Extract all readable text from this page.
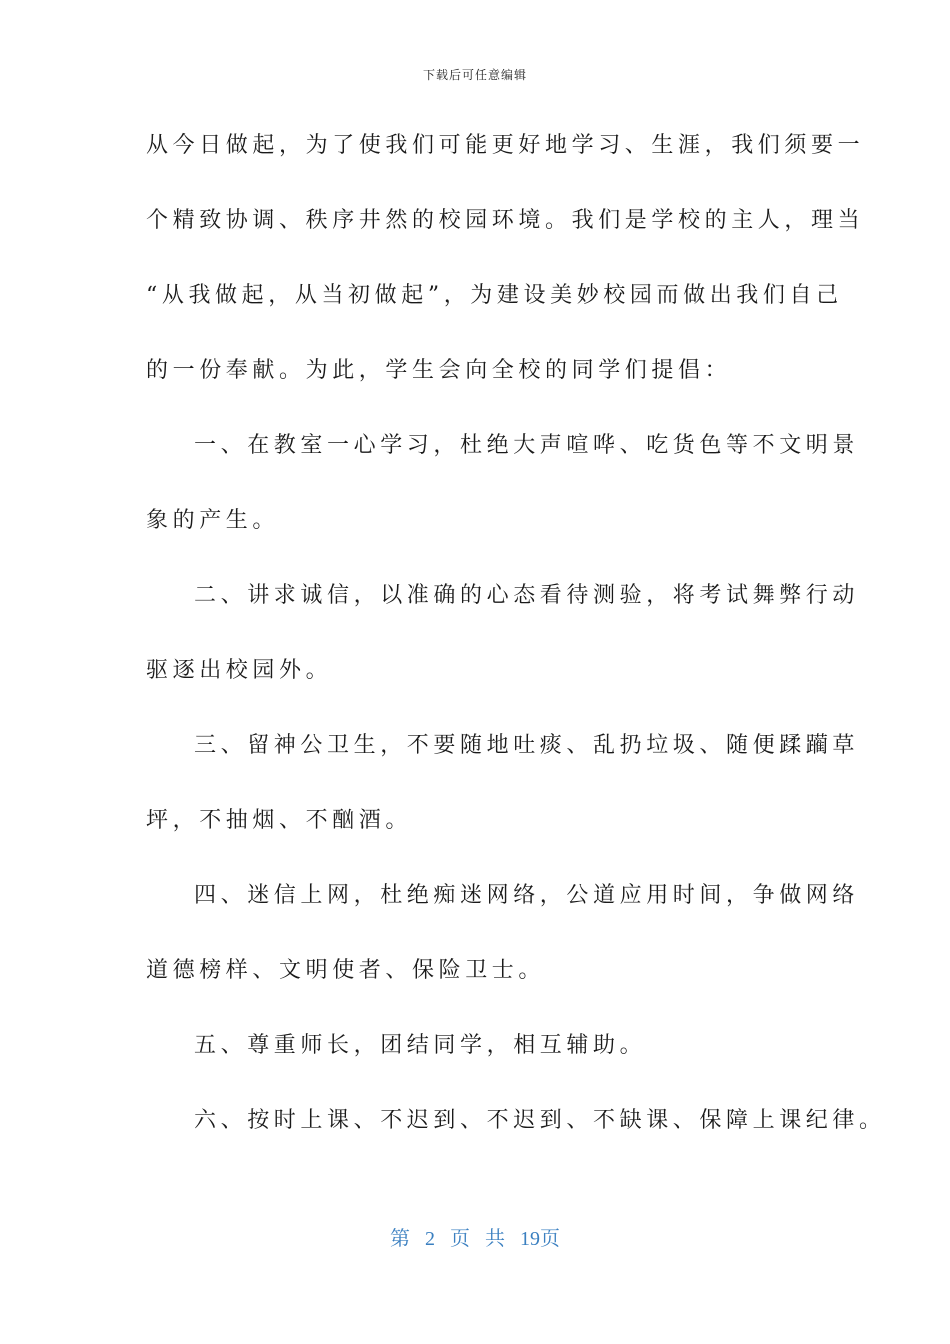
下载后可任意编辑
从今日做起，为了使我们可能更好地学习、生涯，我们须要一
个精致协调、秩序井然的校园环境。我们是学校的主人，理当
“从我做起，从当初做起”，为建设美妙校园而做出我们自己
的一份奉献。为此，学生会向全校的同学们提倡：
一、在教室一心学习，杜绝大声喧哗、吃货色等不文明景
象的产生。
二、讲求诚信，以准确的心态看待测验，将考试舞弊行动
驱逐出校园外。
三、留神公卫生，不要随地吐痰、乱扔垃圾、随便蹂躏草
坪，不抽烟、不酗酒。
四、迷信上网，杜绝痴迷网络，公道应用时间，争做网络
道德榜样、文明使者、保险卫士。
五、尊重师长，团结同学，相互辅助。
六、按时上课、不迟到、不迟到、不缺课、保障上课纪律。
第 2 页 共 19页
